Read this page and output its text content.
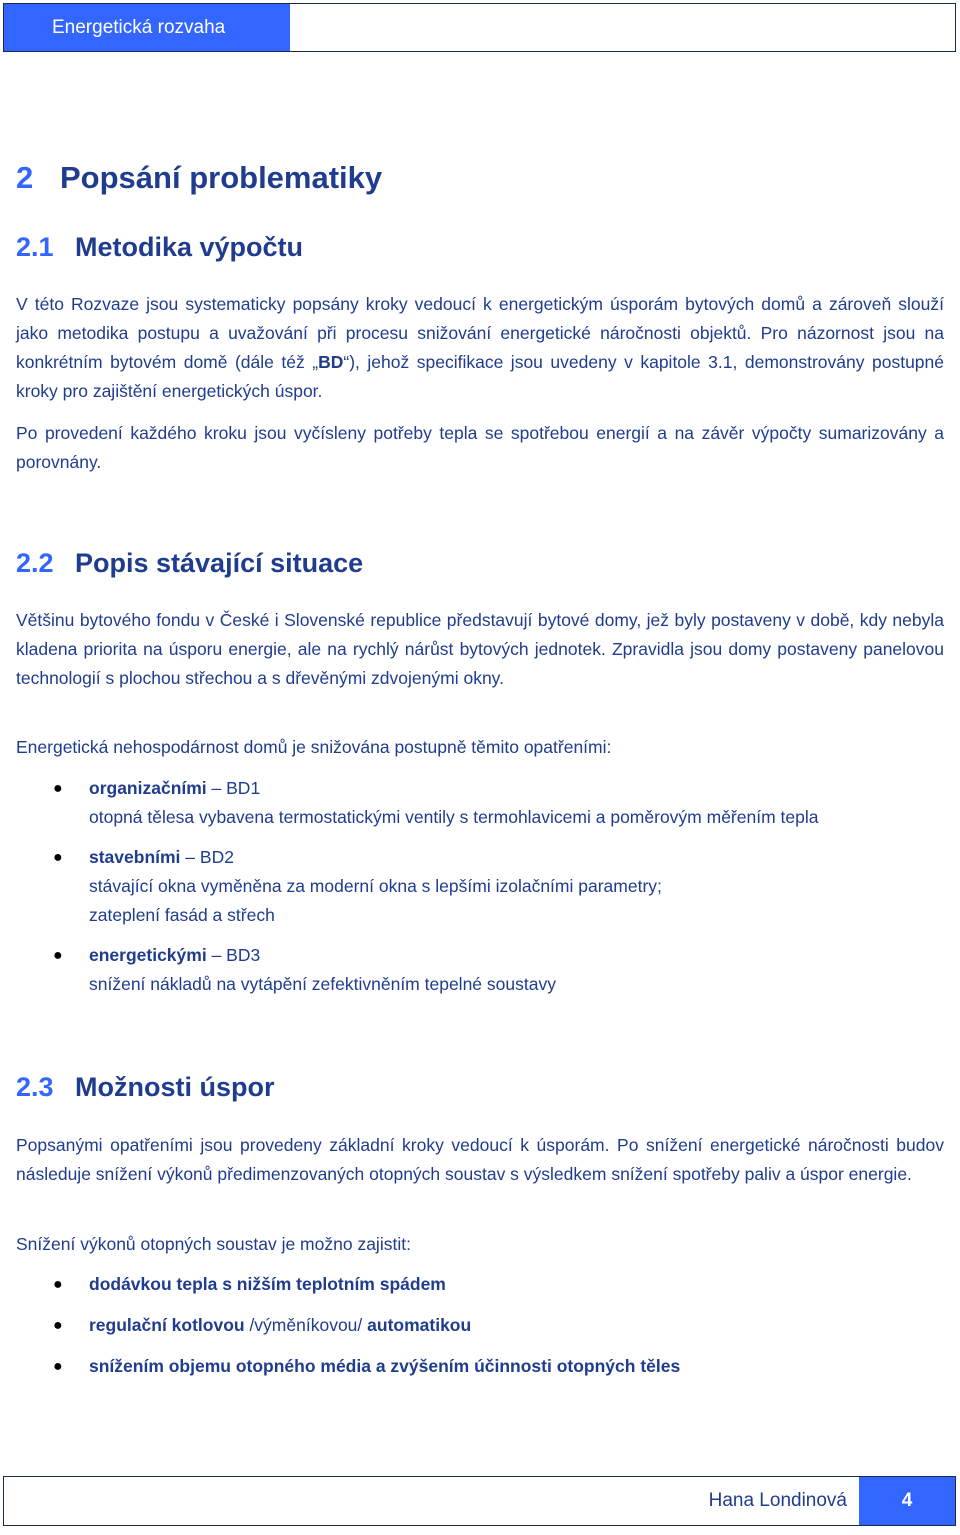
Energetická rozvaha
2 Popsání problematiky
2.1 Metodika výpočtu

V této Rozvaze jsou systematicky popsány kroky vedoucí k energetickým úsporám bytových domů a zároveň slouží jako metodika postupu a uvažování při procesu snižování energetické náročnosti objektů. Pro názornost jsou na konkrétním bytovém domě (dále též „BD“), jehož specifikace jsou uvedeny v kapitole 3.1, demonstrovány postupné kroky pro zajištění energetických úspor.

Po provedení každého kroku jsou vyčísleny potřeby tepla se spotřebou energií a na závěr výpočty sumarizovány a porovnány.

2.2 Popis stávající situace

Většinu bytového fondu v České i Slovenské republice představují bytové domy, jež byly postaveny v době, kdy nebyla kladena priorita na úsporu energie, ale na rychlý nárůst bytových jednotek. Zpravidla jsou domy postaveny panelovou technologií s plochou střechou a s dřevěnými zdvojenými okny.

Energetická nehospodárnost domů je snižována postupně těmito opatřeními:

● organizačními – BD1
otopná tělesa vybavena termostatickými ventily s termohlavicemi a poměrovým měřením tepla
● stavebními – BD2
stávající okna vyměněna za moderní okna s lepšími izolačními parametry;
zateplení fasád a střech
● energetickými – BD3
snížení nákladů na vytápění zefektivněním tepelné soustavy
2.3 Možnosti úspor

Popsanými opatřeními jsou provedeny základní kroky vedoucí k úsporám. Po snížení energetické náročnosti budov následuje snížení výkonů předimenzovaných otopných soustav s výsledkem snížení spotřeby paliv a úspor energie.

Snížení výkonů otopných soustav je možno zajistit:

● dodávkou tepla s nižším teplotním spádem
● regulační kotlovou /výměníkovou/ automatikou
● snížením objemu otopného média a zvýšením účinnosti otopných těles
Hana Londinová	4
